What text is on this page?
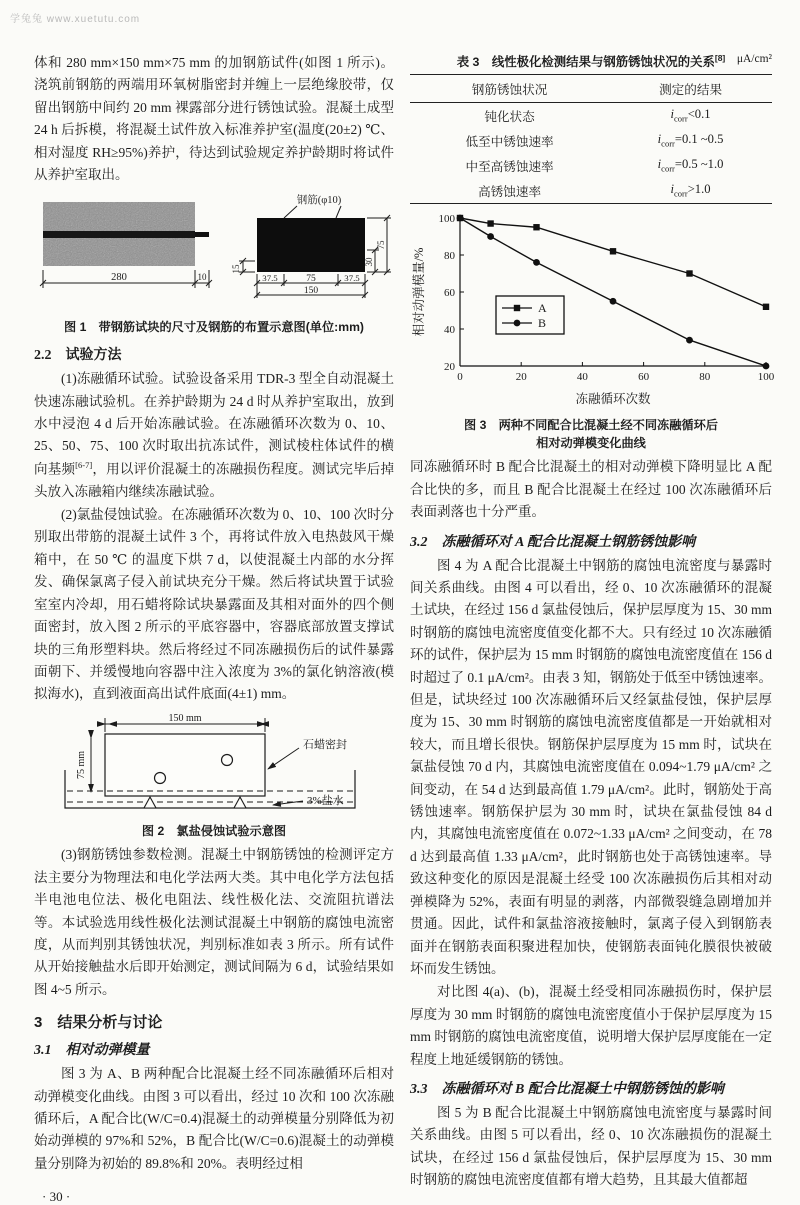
学兔兔 www.xuetutu.com

体和 280 mm×150 mm×75 mm 的加钢筋试件(如图 1 所示)。浇筑前钢筋的两端用环氧树脂密封并缠上一层绝缘胶带，仅留出钢筋中间约 20 mm 裸露部分进行锈蚀试验。混凝土成型 24 h 后拆模，将混凝土试件放入标准养护室(温度(20±2) ℃、相对湿度 RH≥95%)养护，待达到试验规定养护龄期时将试件从养护室取出。

280	10
钢筋(φ10)
15
30
75
37.5	75	37.5
150
图 1　带钢筋试块的尺寸及钢筋的布置示意图(单位:mm)
2.2　试验方法

(1)冻融循环试验。试验设备采用 TDR-3 型全自动混凝土快速冻融试验机。在养护龄期为 24 d 时从养护室取出，放到水中浸泡 4 d 后开始冻融试验。在冻融循环次数为 0、10、25、50、75、100 次时取出抗冻试件，测试棱柱体试件的横向基频[6-7]，用以评价混凝土的冻融损伤程度。测试完毕后掉头放入冻融箱内继续冻融试验。

(2)氯盐侵蚀试验。在冻融循环次数为 0、10、100 次时分别取出带筋的混凝土试件 3 个，再将试件放入电热鼓风干燥箱中，在 50 ℃ 的温度下烘 7 d，以使混凝土内部的水分挥发、确保氯离子侵入前试块充分干燥。然后将试块置于试验室室内冷却，用石蜡将除试块暴露面及其相对面外的四个侧面密封，放入图 2 所示的平底容器中，容器底部放置支撑试块的三角形塑料块。然后将经过不同冻融损伤后的试件暴露面朝下、并缓慢地向容器中注入浓度为 3%的氯化钠溶液(模拟海水)，直到液面高出试件底面(4±1) mm。

150 mm
75 mm
石蜡密封
3%盐水
图 2　氯盐侵蚀试验示意图

(3)钢筋锈蚀参数检测。混凝土中钢筋锈蚀的检测评定方法主要分为物理法和电化学法两大类。其中电化学方法包括半电池电位法、极化电阻法、线性极化法、交流阻抗谱法等。本试验选用线性极化法测试混凝土中钢筋的腐蚀电流密度，从而判别其锈蚀状况，判别标准如表 3 所示。所有试件从开始接触盐水后即开始测定，测试间隔为 6 d，试验结果如图 4~5 所示。

3　结果分析与讨论
3.1　相对动弹模量

图 3 为 A、B 两种配合比混凝土经不同冻融循环后相对动弹模变化曲线。由图 3 可以看出，经过 10 次和 100 次冻融循环后，A 配合比(W/C=0.4)混凝土的动弹模量分别降低为初始动弹模的 97%和 52%，B 配合比(W/C=0.6)混凝土的动弹模量分别降为初始的 89.8%和 20%。表明经过相

· 30 ·
表 3　线性极化检测结果与钢筋锈蚀状况的关系[8] μA/cm²
钢筋锈蚀状况	测定的结果
钝化状态	$i_{corr}<0.1$
低至中锈蚀速率	$i_{corr}=0.1$ ~0.5
中至高锈蚀速率	$i_{corr}=0.5$ ~1.0
高锈蚀速率	$i_{corr}>1.0$
0	20	40	60	80	100
20
40
60
80
100
A
B
冻融循环次数
相对动弹模量/%
图 3　两种不同配合比混凝土经不同冻融循环后
相对动弹模变化曲线

同冻融循环时 B 配合比混凝土的相对动弹模下降明显比 A 配合比快的多，而且 B 配合比混凝土在经过 100 次冻融循环后表面剥落也十分严重。

3.2　冻融循环对 A 配合比混凝土钢筋锈蚀影响

图 4 为 A 配合比混凝土中钢筋的腐蚀电流密度与暴露时间关系曲线。由图 4 可以看出，经 0、10 次冻融循环的混凝土试块，在经过 156 d 氯盐侵蚀后，保护层厚度为 15、30 mm 时钢筋的腐蚀电流密度值变化都不大。只有经过 10 次冻融循环的试件，保护层为 15 mm 时钢筋的腐蚀电流密度值在 156 d 时超过了 0.1 μA/cm²。由表 3 知，钢筋处于低至中锈蚀速率。但是，试块经过 100 次冻融循环后又经氯盐侵蚀，保护层厚度为 15、30 mm 时钢筋的腐蚀电流密度值都是一开始就相对较大，而且增长很快。钢筋保护层厚度为 15 mm 时，试块在氯盐侵蚀 70 d 内，其腐蚀电流密度值在 0.094~1.79 μA/cm² 之间变动，在 54 d 达到最高值 1.79 μA/cm²。此时，钢筋处于高锈蚀速率。钢筋保护层为 30 mm 时，试块在氯盐侵蚀 84 d 内，其腐蚀电流密度值在 0.072~1.33 μA/cm² 之间变动，在 78 d 达到最高值 1.33 μA/cm²，此时钢筋也处于高锈蚀速率。导致这种变化的原因是混凝土经受 100 次冻融损伤后其相对动弹模降为 52%，表面有明显的剥落，内部微裂缝急剧增加并贯通。因此，试件和氯盐溶液接触时，氯离子侵入到钢筋表面并在钢筋表面积聚进程加快，使钢筋表面钝化膜很快被破坏而发生锈蚀。

对比图 4(a)、(b)，混凝土经受相同冻融损伤时，保护层厚度为 30 mm 时钢筋的腐蚀电流密度值小于保护层厚度为 15 mm 时钢筋的腐蚀电流密度值，说明增大保护层厚度能在一定程度上地延缓钢筋的锈蚀。

3.3　冻融循环对 B 配合比混凝土中钢筋锈蚀的影响

图 5 为 B 配合比混凝土中钢筋腐蚀电流密度与暴露时间关系曲线。由图 5 可以看出，经 0、10 次冻融损伤的混凝土试块，在经过 156 d 氯盐侵蚀后，保护层厚度为 15、30 mm 时钢筋的腐蚀电流密度值都有增大趋势，且其最大值都超
